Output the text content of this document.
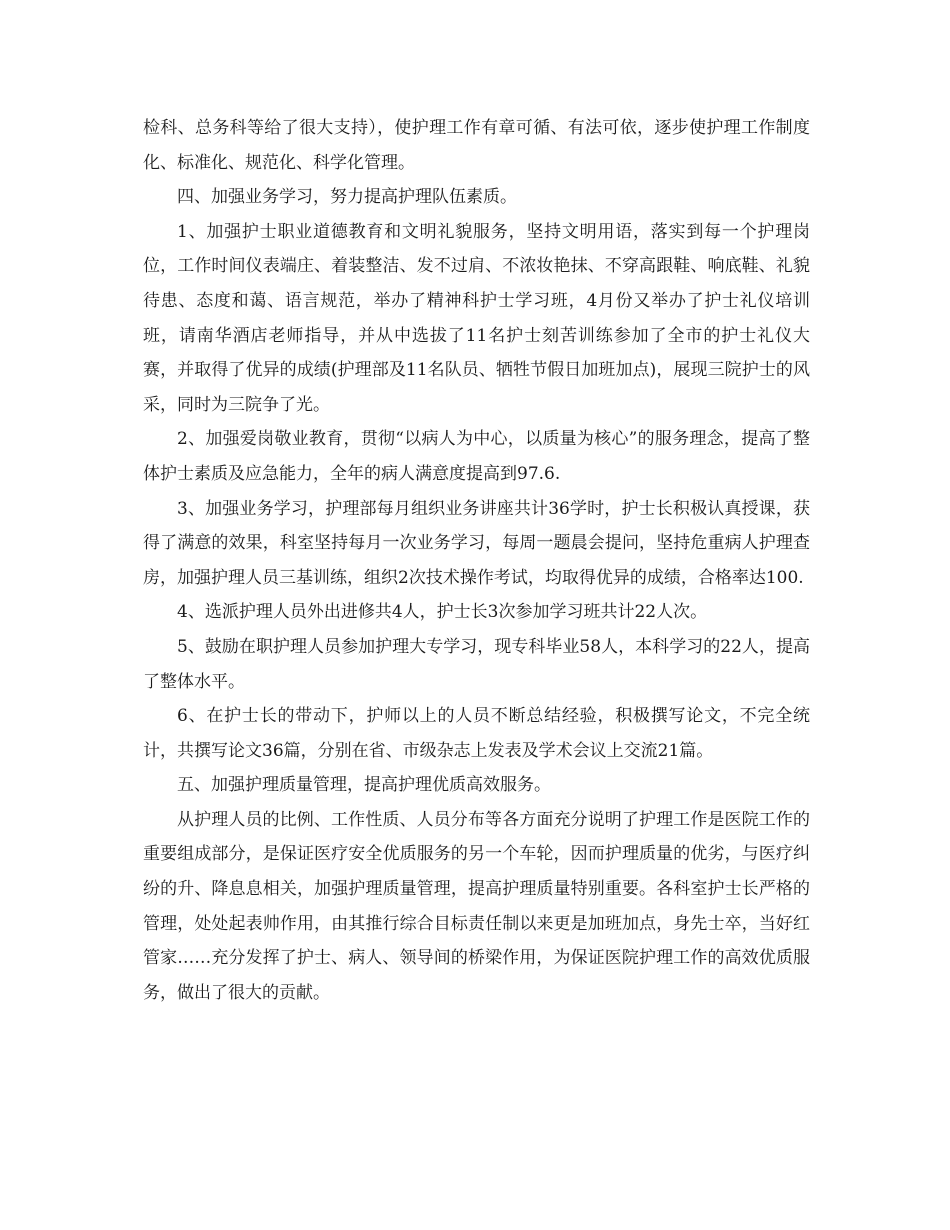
检科、总务科等给了很大支持），使护理工作有章可循、有法可依，逐步使护理工作制度化、标准化、规范化、科学化管理。

四、加强业务学习，努力提高护理队伍素质。

1、加强护士职业道德教育和文明礼貌服务，坚持文明用语，落实到每一个护理岗位，工作时间仪表端庄、着装整洁、发不过肩、不浓妆艳抹、不穿高跟鞋、响底鞋、礼貌待患、态度和蔼、语言规范，举办了精神科护士学习班，4月份又举办了护士礼仪培训班，请南华酒店老师指导，并从中选拔了11名护士刻苦训练参加了全市的护士礼仪大赛，并取得了优异的成绩(护理部及11名队员、牺牲节假日加班加点)，展现三院护士的风采，同时为三院争了光。

2、加强爱岗敬业教育，贯彻“以病人为中心，以质量为核心”的服务理念，提高了整体护士素质及应急能力，全年的病人满意度提高到97.6.

3、加强业务学习，护理部每月组织业务讲座共计36学时，护士长积极认真授课，获得了满意的效果，科室坚持每月一次业务学习，每周一题晨会提问，坚持危重病人护理查房，加强护理人员三基训练，组织2次技术操作考试，均取得优异的成绩，合格率达100.

4、选派护理人员外出进修共4人，护士长3次参加学习班共计22人次。

5、鼓励在职护理人员参加护理大专学习，现专科毕业58人，本科学习的22人，提高了整体水平。

6、在护士长的带动下，护师以上的人员不断总结经验，积极撰写论文，不完全统计，共撰写论文36篇，分别在省、市级杂志上发表及学术会议上交流21篇。

五、加强护理质量管理，提高护理优质高效服务。

从护理人员的比例、工作性质、人员分布等各方面充分说明了护理工作是医院工作的重要组成部分，是保证医疗安全优质服务的另一个车轮，因而护理质量的优劣，与医疗纠纷的升、降息息相关，加强护理质量管理，提高护理质量特别重要。各科室护士长严格的管理，处处起表帅作用，由其推行综合目标责任制以来更是加班加点，身先士卒，当好红管家……充分发挥了护士、病人、领导间的桥梁作用，为保证医院护理工作的高效优质服务，做出了很大的贡献。
